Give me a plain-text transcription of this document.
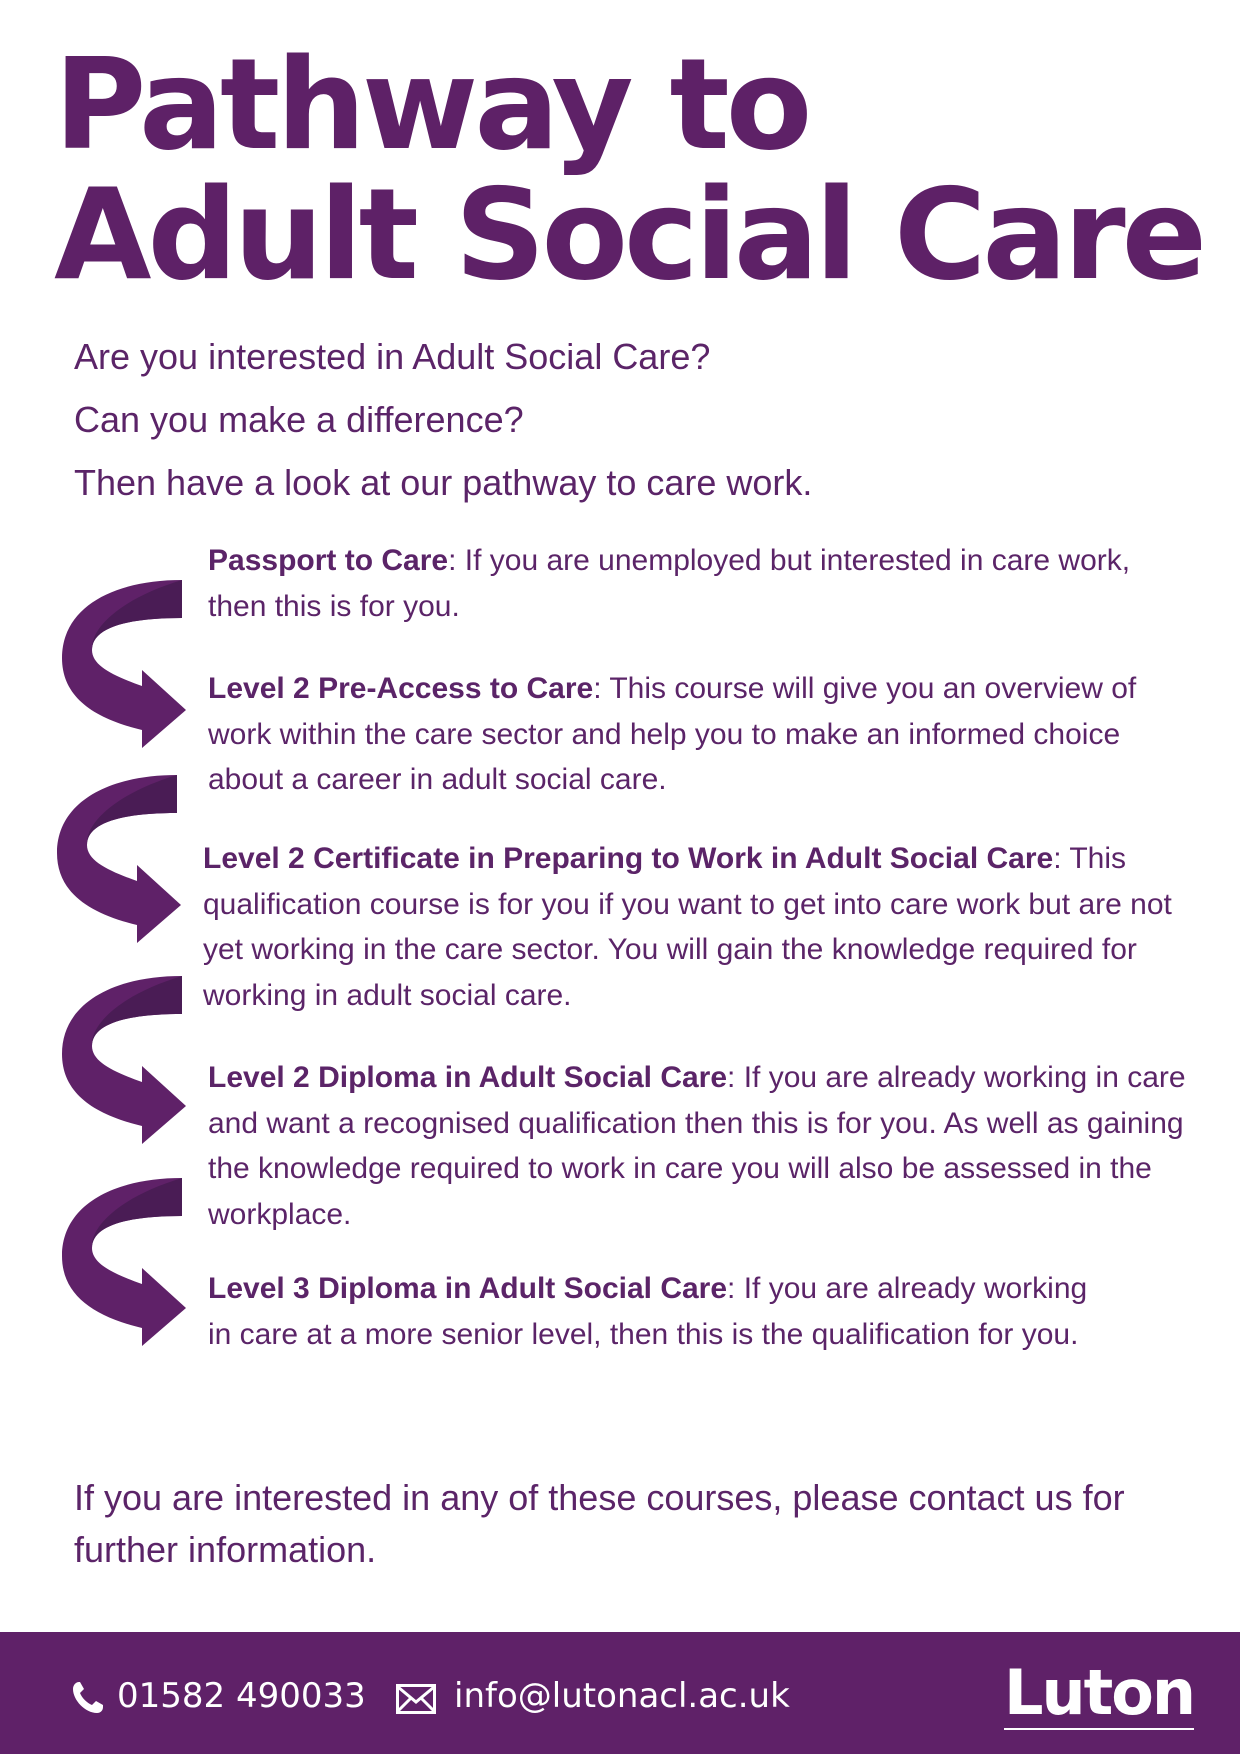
Pathway to
Adult Social Care
Are you interested in Adult Social Care?
Can you make a difference?
Then have a look at our pathway to care work.
Passport to Care: If you are unemployed but interested in care work, then this is for you.
Level 2 Pre-Access to Care: This course will give you an overview of work within the care sector and help you to make an informed choice about a career in adult social care.
Level 2 Certificate in Preparing to Work in Adult Social Care: This qualification course is for you if you want to get into care work but are not yet working in the care sector. You will gain the knowledge required for working in adult social care.
Level 2 Diploma in Adult Social Care: If you are already working in care and want a recognised qualification then this is for you. As well as gaining the knowledge required to work in care you will also be assessed in the workplace.
Level 3 Diploma in Adult Social Care: If you are already working in care at a more senior level, then this is the qualification for you.
If you are interested in any of these courses, please contact us for further information.
01582 490033	info@lutonacl.ac.uk	Luton
